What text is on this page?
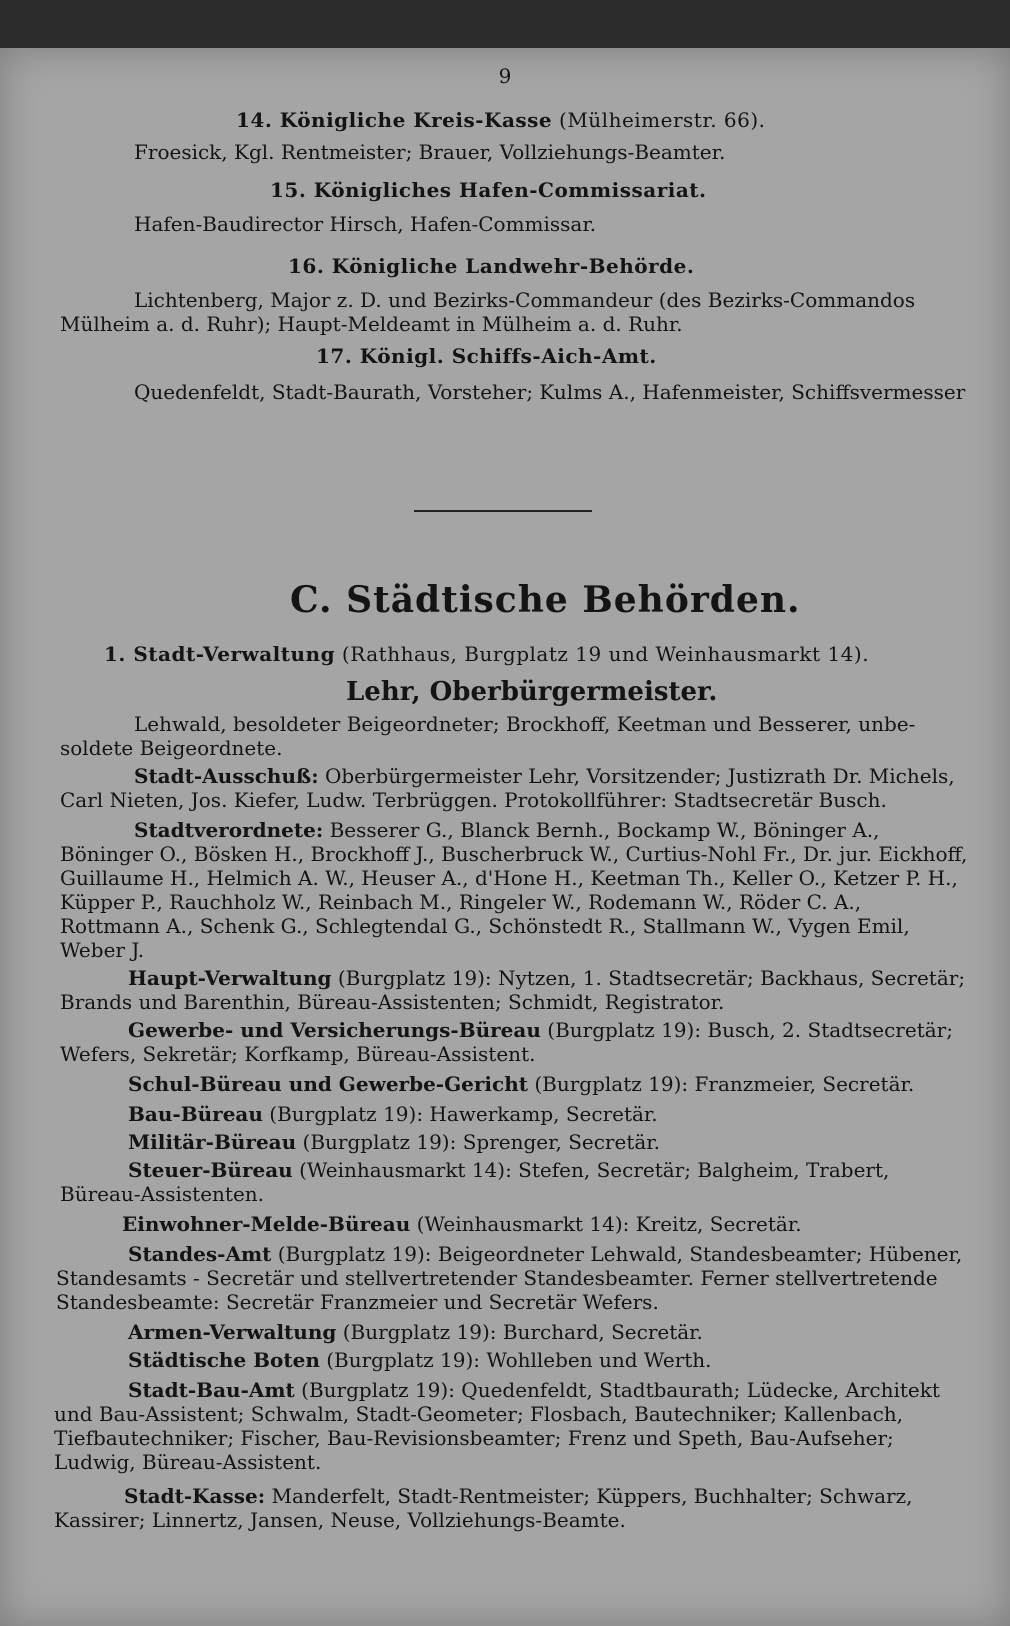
9
14. Königliche Kreis-Kasse (Mülheimerstr. 66).
Froesick, Kgl. Rentmeister; Brauer, Vollziehungs-Beamter.
15. Königliches Hafen-Commissariat.
Hafen-Baudirector Hirsch, Hafen-Commissar.
16. Königliche Landwehr-Behörde.
Lichtenberg, Major z. D. und Bezirks-Commandeur (des Bezirks-Commandos
Mülheim a. d. Ruhr); Haupt-Meldeamt in Mülheim a. d. Ruhr.
17. Königl. Schiffs-Aich-Amt.
Quedenfeldt, Stadt-Baurath, Vorsteher; Kulms A., Hafenmeister, Schiffsvermesser
C. Städtische Behörden.
1. Stadt-Verwaltung (Rathhaus, Burgplatz 19 und Weinhausmarkt 14).
Lehr, Oberbürgermeister.
Lehwald, besoldeter Beigeordneter; Brockhoff, Keetman und Besserer, unbe-
soldete Beigeordnete.
Stadt-Ausschuß: Oberbürgermeister Lehr, Vorsitzender; Justizrath Dr. Michels,
Carl Nieten, Jos. Kiefer, Ludw. Terbrüggen. Protokollführer: Stadtsecretär Busch.
Stadtverordnete: Besserer G., Blanck Bernh., Bockamp W., Böninger A.,
Böninger O., Bösken H., Brockhoff J., Buscherbruck W., Curtius-Nohl Fr., Dr. jur. Eickhoff,
Guillaume H., Helmich A. W., Heuser A., d'Hone H., Keetman Th., Keller O., Ketzer P. H.,
Küpper P., Rauchholz W., Reinbach M., Ringeler W., Rodemann W., Röder C. A.,
Rottmann A., Schenk G., Schlegtendal G., Schönstedt R., Stallmann W., Vygen Emil,
Weber J.
Haupt-Verwaltung (Burgplatz 19): Nytzen, 1. Stadtsecretär; Backhaus, Secretär;
Brands und Barenthin, Büreau-Assistenten; Schmidt, Registrator.
Gewerbe- und Versicherungs-Büreau (Burgplatz 19): Busch, 2. Stadtsecretär;
Wefers, Sekretär; Korfkamp, Büreau-Assistent.
Schul-Büreau und Gewerbe-Gericht (Burgplatz 19): Franzmeier, Secretär.
Bau-Büreau (Burgplatz 19): Hawerkamp, Secretär.
Militär-Büreau (Burgplatz 19): Sprenger, Secretär.
Steuer-Büreau (Weinhausmarkt 14): Stefen, Secretär; Balgheim, Trabert,
Büreau-Assistenten.
Einwohner-Melde-Büreau (Weinhausmarkt 14): Kreitz, Secretär.
Standes-Amt (Burgplatz 19): Beigeordneter Lehwald, Standesbeamter; Hübener,
Standesamts - Secretär und stellvertretender Standesbeamter. Ferner stellvertretende
Standesbeamte: Secretär Franzmeier und Secretär Wefers.
Armen-Verwaltung (Burgplatz 19): Burchard, Secretär.
Städtische Boten (Burgplatz 19): Wohlleben und Werth.
Stadt-Bau-Amt (Burgplatz 19): Quedenfeldt, Stadtbaurath; Lüdecke, Architekt
und Bau-Assistent; Schwalm, Stadt-Geometer; Flosbach, Bautechniker; Kallenbach,
Tiefbautechniker; Fischer, Bau-Revisionsbeamter; Frenz und Speth, Bau-Aufseher;
Ludwig, Büreau-Assistent.
Stadt-Kasse: Manderfelt, Stadt-Rentmeister; Küppers, Buchhalter; Schwarz,
Kassirer; Linnertz, Jansen, Neuse, Vollziehungs-Beamte.
